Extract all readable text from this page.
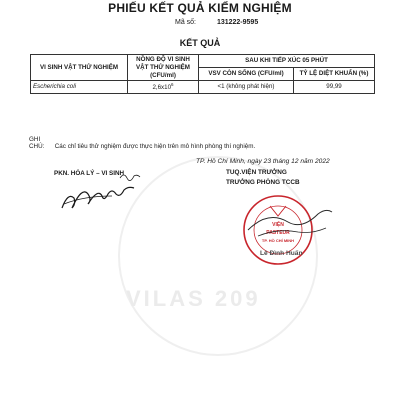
VILAS 209
PHIẾU KẾT QUẢ KIỂM NGHIỆM
Mã số:	131222-9595
KẾT QUẢ
VI SINH VẬT THỬ NGHIỆM	NỒNG ĐỘ VI SINH VẬT THỬ NGHIỆM (CFU/ml)	SAU KHI TIẾP XÚC 05 PHÚT	
		VSV CÒN SỐNG (CFU/ml)	TỶ LỆ DIỆT KHUẨN (%)
Escherichia coli	$2,6x10^6$	<1 (không phát hiện)	99,99
GHI CHÚ: Các chỉ tiêu thử nghiệm được thực hiện trên mô hình phòng thí nghiệm.
TP. Hồ Chí Minh, ngày 23 tháng 12 năm 2022
TUQ.VIỆN TRƯỞNG
TRƯỞNG PHÒNG TCCB
PKN. HÓA LÝ – VI SINH
VIỆN
PASTEUR
TP. HỒ CHÍ MINH
Lê Đình Huấn
